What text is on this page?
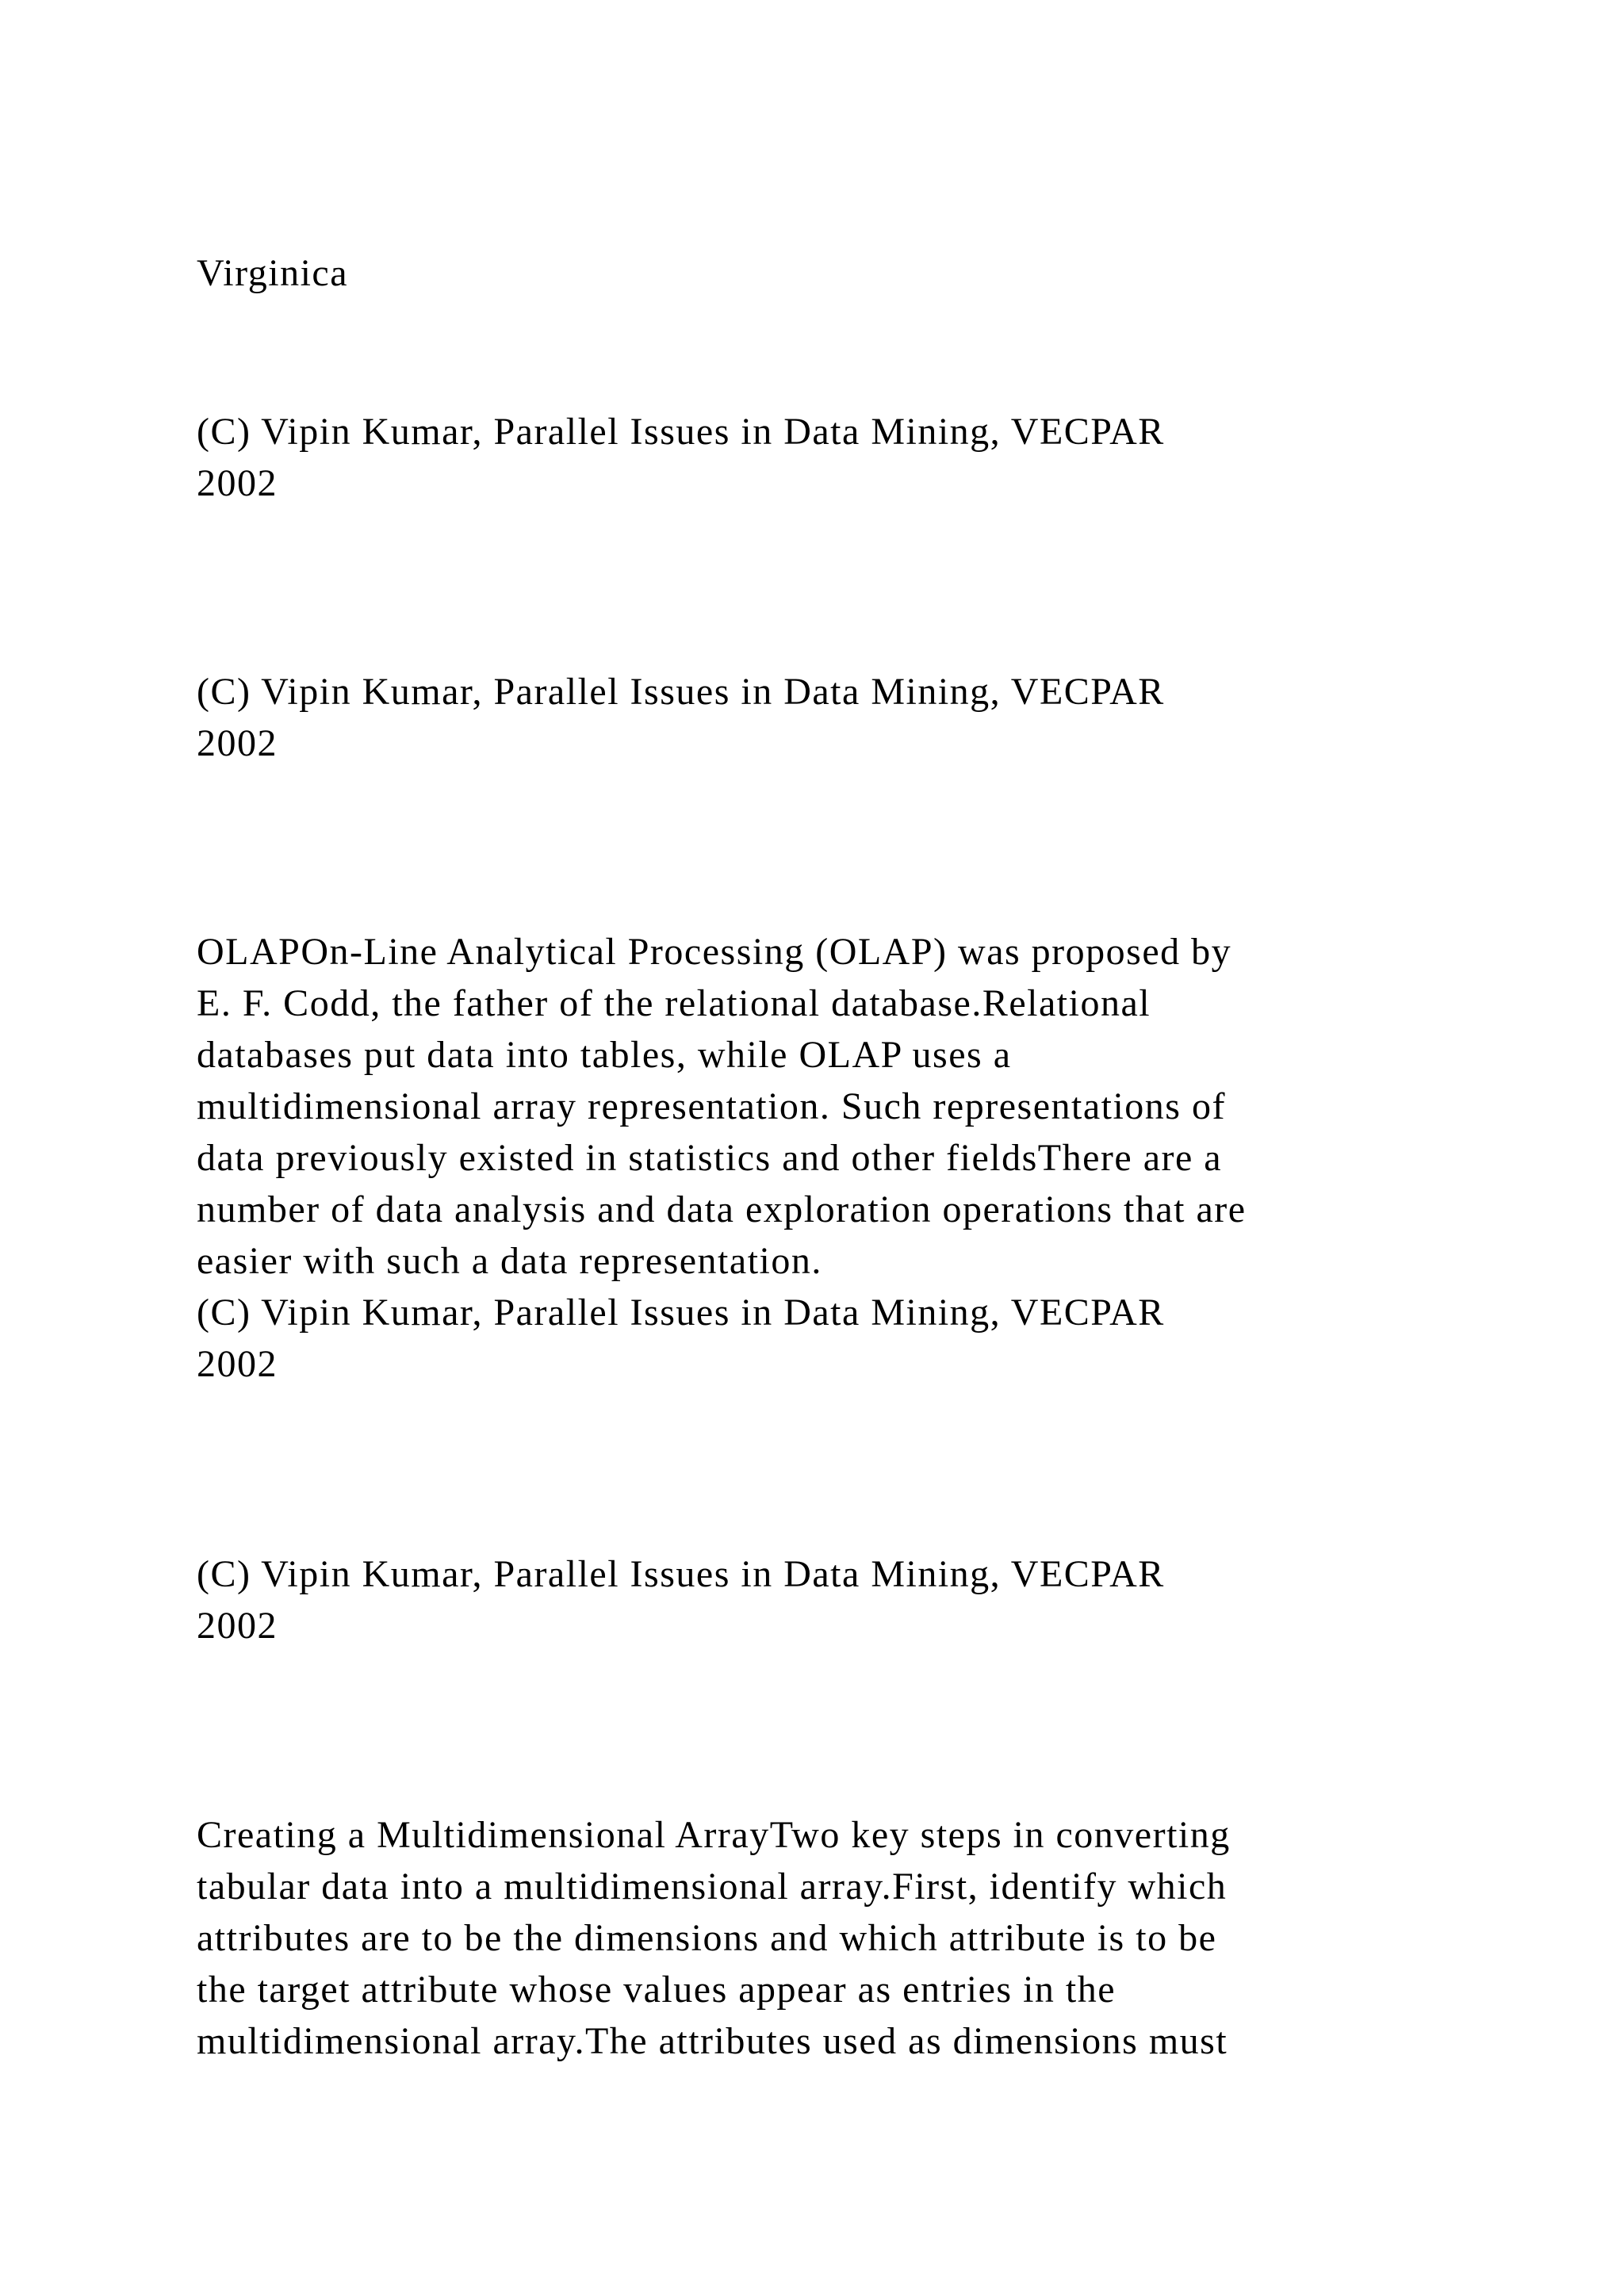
Virginica

(C) Vipin Kumar, Parallel Issues in Data Mining, VECPAR

2002

(C) Vipin Kumar, Parallel Issues in Data Mining, VECPAR

2002

OLAPOn-Line Analytical Processing (OLAP) was proposed by

E. F. Codd, the father of the relational database.Relational

databases put data into tables, while OLAP uses a

multidimensional array representation. Such representations of

data previously existed in statistics and other fieldsThere are a

number of data analysis and data exploration operations that are

easier with such a data representation.

(C) Vipin Kumar, Parallel Issues in Data Mining, VECPAR

2002

(C) Vipin Kumar, Parallel Issues in Data Mining, VECPAR

2002

Creating a Multidimensional ArrayTwo key steps in converting

tabular data into a multidimensional array.First, identify which

attributes are to be the dimensions and which attribute is to be

the target attribute whose values appear as entries in the

multidimensional array.The attributes used as dimensions must
